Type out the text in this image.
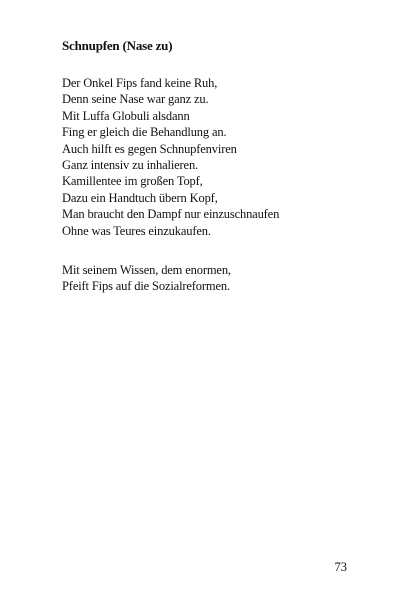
Schnupfen (Nase zu)
Der Onkel Fips fand keine Ruh,
Denn seine Nase war ganz zu.
Mit Luffa Globuli alsdann
Fing er gleich die Behandlung an.
Auch hilft es gegen Schnupfenviren
Ganz intensiv zu inhalieren.
Kamillentee im großen Topf,
Dazu ein Handtuch übern Kopf,
Man braucht den Dampf nur einzuschnaufen
Ohne was Teures einzukaufen.
Mit seinem Wissen, dem enormen,
Pfeift Fips auf die Sozialreformen.
73
